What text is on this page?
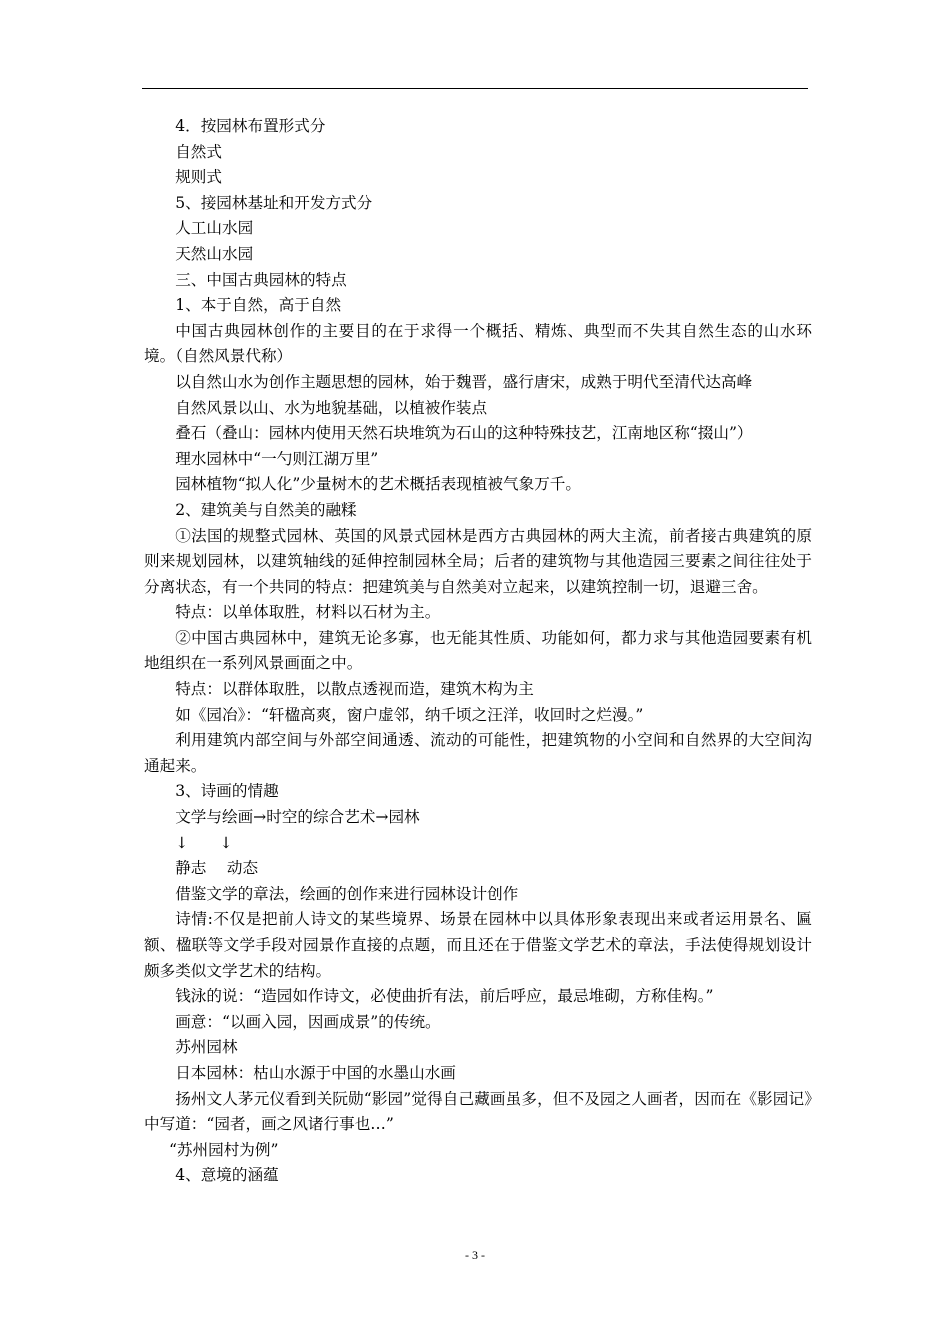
4．按园林布置形式分

自然式

规则式

5、接园林基址和开发方式分

人工山水园

天然山水园

三、中国古典园林的特点

1、本于自然，高于自然

中国古典园林创作的主要目的在于求得一个概括、精炼、典型而不失其自然生态的山水环境。（自然风景代称）

以自然山水为创作主题思想的园林，始于魏晋，盛行唐宋，成熟于明代至清代达高峰

自然风景以山、水为地貌基础，以植被作装点

叠石（叠山：园林内使用天然石块堆筑为石山的这种特殊技艺，江南地区称“掇山”）

理水园林中“一勺则江湖万里”

园林植物“拟人化”少量树木的艺术概括表现植被气象万千。

2、建筑美与自然美的融糅

①法国的规整式园林、英国的风景式园林是西方古典园林的两大主流，前者接古典建筑的原则来规划园林，以建筑轴线的延伸控制园林全局；后者的建筑物与其他造园三要素之间往往处于分离状态，有一个共同的特点：把建筑美与自然美对立起来，以建筑控制一切，退避三舍。

特点：以单体取胜，材料以石材为主。

②中国古典园林中，建筑无论多寡，也无能其性质、功能如何，都力求与其他造园要素有机地组织在一系列风景画面之中。

特点：以群体取胜，以散点透视而造，建筑木构为主

如《园冶》：“轩楹高爽，窗户虚邻，纳千顷之汪洋，收回时之烂漫。”

利用建筑内部空间与外部空间通透、流动的可能性，把建筑物的小空间和自然界的大空间沟通起来。

3、诗画的情趣

文学与绘画→时空的综合艺术→园林

↓　　↓

静志　 动态

借鉴文学的章法，绘画的创作来进行园林设计创作

诗情:不仅是把前人诗文的某些境界、场景在园林中以具体形象表现出来或者运用景名、匾额、楹联等文学手段对园景作直接的点题，而且还在于借鉴文学艺术的章法，手法使得规划设计颇多类似文学艺术的结构。

钱泳的说：“造园如作诗文，必使曲折有法，前后呼应，最忌堆砌，方称佳构。”

画意：“以画入园，因画成景”的传统。

苏州园林

日本园林：枯山水源于中国的水墨山水画

扬州文人茅元仪看到关阮勋“影园”觉得自己藏画虽多，但不及园之人画者，因而在《影园记》中写道：“园者，画之风诸行事也…”

“苏州园村为例”

4、意境的涵蕴

- 3 -
